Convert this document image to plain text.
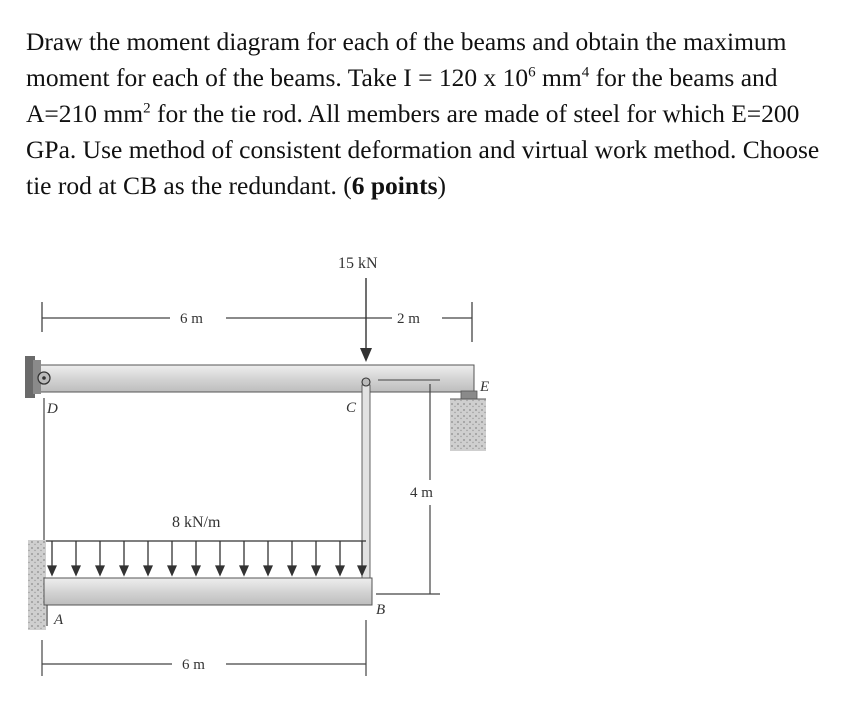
Draw the moment diagram for each of the beams and obtain the maximum moment for each of the beams. Take I = 120 x $10^6$ $mm^4$ for the beams and A=210 $mm^2$ for the tie rod. All members are made of steel for which E=200 GPa. Use method of consistent deformation and virtual work method. Choose tie rod at CB as the redundant. (6 points)
6 m	2 m
15 kN
D
E
C
4 m
8 kN/m
A
B
6 m
